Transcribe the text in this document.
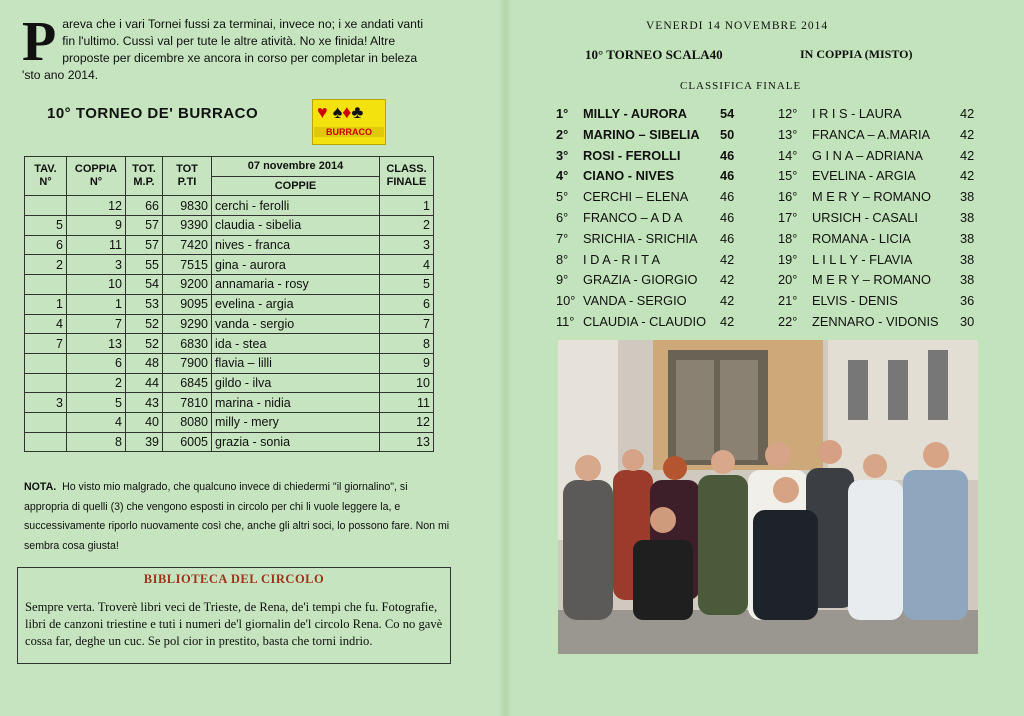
P areva che i vari Tornei fussi za terminai, invece no; i xe andati vanti fin l'ultimo. Cussì val per tute le altre atività. No xe finida! Altre proposte per dicembre xe ancora in corso per completar in beleza 'sto ano 2014.
10° TORNEO DE' BURRACO	♥ ♠♦♣
BURRACO
TAV. N°	COPPIA N°	TOT. M.P.	TOT P.TI	07 novembre 2014	CLASS. FINALE
				COPPIE	
	12	66	9830	cerchi - ferolli	1
5	9	57	9390	claudia - sibelia	2
6	11	57	7420	nives - franca	3
2	3	55	7515	gina - aurora	4
	10	54	9200	annamaria - rosy	5
1	1	53	9095	evelina - argia	6
4	7	52	9290	vanda - sergio	7
7	13	52	6830	ida - stea	8
	6	48	7900	flavia – lilli	9
	2	44	6845	gildo - ilva	10
3	5	43	7810	marina - nidia	11
	4	40	8080	milly - mery	12
	8	39	6005	grazia - sonia	13
NOTA. Ho visto mio malgrado, che qualcuno invece di chiedermi "il giornalino", si appropria di quelli (3) che vengono esposti in circolo per chi li vuole leggere la, e successivamente riporlo nuovamente così che, anche gli altri soci, lo possono fare. Non mi sembra cosa giusta!
BIBLIOTECA DEL CIRCOLO
Sempre verta. Troverè libri veci de Trieste, de Rena, de'i tempi che fu. Fotografie, libri de canzoni triestine e tuti i numeri de'l giornalin de'l circolo Rena. Co no gavè cossa far, deghe un cuc. Se pol cior in prestito, basta che torni indrio.
VENERDI 14 NOVEMBRE 2014
10° TORNEO SCALA40	IN COPPIA (MISTO)
CLASSIFICA FINALE
1° MILLY - AURORA	54
2° MARINO – SIBELIA 50
3° ROSI - FEROLLI	46
4° CIANO - NIVES	46
5° CERCHI – ELENA 46
6° FRANCO – A D A	46
7° SRICHIA - SRICHIA 46
8° I D A - R I T A	42
9° GRAZIA - GIORGIO 42
10° VANDA - SERGIO	42
11° CLAUDIA - CLAUDIO 42
12° I R I S - LAURA	42
13° FRANCA – A.MARIA 42
14° G I N A – ADRIANA	42
15° EVELINA - ARGIA	42
16° M E R Y – ROMANO 38
17° URSICH - CASALI	38
18° ROMANA - LICIA	38
19° L I L L Y - FLAVIA	38
20° M E R Y – ROMANO 38
21° ELVIS - DENIS	36
22° ZENNARO - VIDONIS 30
